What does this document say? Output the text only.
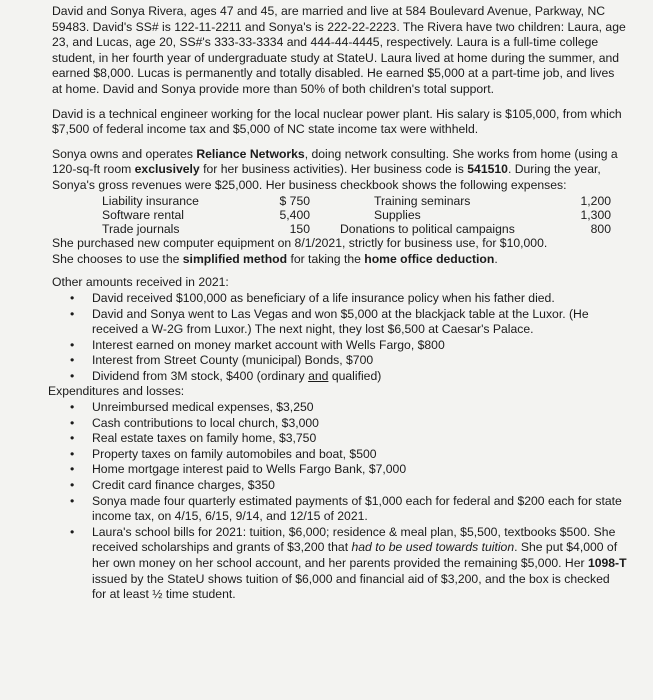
David and Sonya Rivera, ages 47 and 45, are married and live at 584 Boulevard Avenue, Parkway, NC 59483. David's SS# is 122-11-2211 and Sonya's is 222-22-2223. The Rivera have two children: Laura, age 23, and Lucas, age 20, SS#'s 333-33-3334 and 444-44-4445, respectively. Laura is a full-time college student, in her fourth year of undergraduate study at StateU. Laura lived at home during the summer, and earned $8,000. Lucas is permanently and totally disabled. He earned $5,000 at a part-time job, and lives at home. David and Sonya provide more than 50% of both children's total support.

David is a technical engineer working for the local nuclear power plant. His salary is $105,000, from which $7,500 of federal income tax and $5,000 of NC state income tax were withheld.

Sonya owns and operates Reliance Networks, doing network consulting. She works from home (using a 120-sq-ft room exclusively for her business activities). Her business code is 541510. During the year, Sonya's gross revenues were $25,000. Her business checkbook shows the following expenses:

Liability insurance	$ 750	Training seminars	1,200
Software rental	5,400	Supplies	1,300
Trade journals	150	Donations to political campaigns	800

She purchased new computer equipment on 8/1/2021, strictly for business use, for $10,000.

She chooses to use the simplified method for taking the home office deduction.

Other amounts received in 2021:

• David received $100,000 as beneficiary of a life insurance policy when his father died.
• David and Sonya went to Las Vegas and won $5,000 at the blackjack table at the Luxor. (He received a W-2G from Luxor.) The next night, they lost $6,500 at Caesar's Palace.
• Interest earned on money market account with Wells Fargo, $800
• Interest from Street County (municipal) Bonds, $700
• Dividend from 3M stock, $400 (ordinary and qualified)

Expenditures and losses:

• Unreimbursed medical expenses, $3,250
• Cash contributions to local church, $3,000
• Real estate taxes on family home, $3,750
• Property taxes on family automobiles and boat, $500
• Home mortgage interest paid to Wells Fargo Bank, $7,000
• Credit card finance charges, $350
• Sonya made four quarterly estimated payments of $1,000 each for federal and $200 each for state income tax, on 4/15, 6/15, 9/14, and 12/15 of 2021.
• Laura's school bills for 2021: tuition, $6,000; residence & meal plan, $5,500, textbooks $500. She received scholarships and grants of $3,200 that had to be used towards tuition. She put $4,000 of her own money on her school account, and her parents provided the remaining $5,000. Her 1098-T issued by the StateU shows tuition of $6,000 and financial aid of $3,200, and the box is checked for at least ½ time student.
